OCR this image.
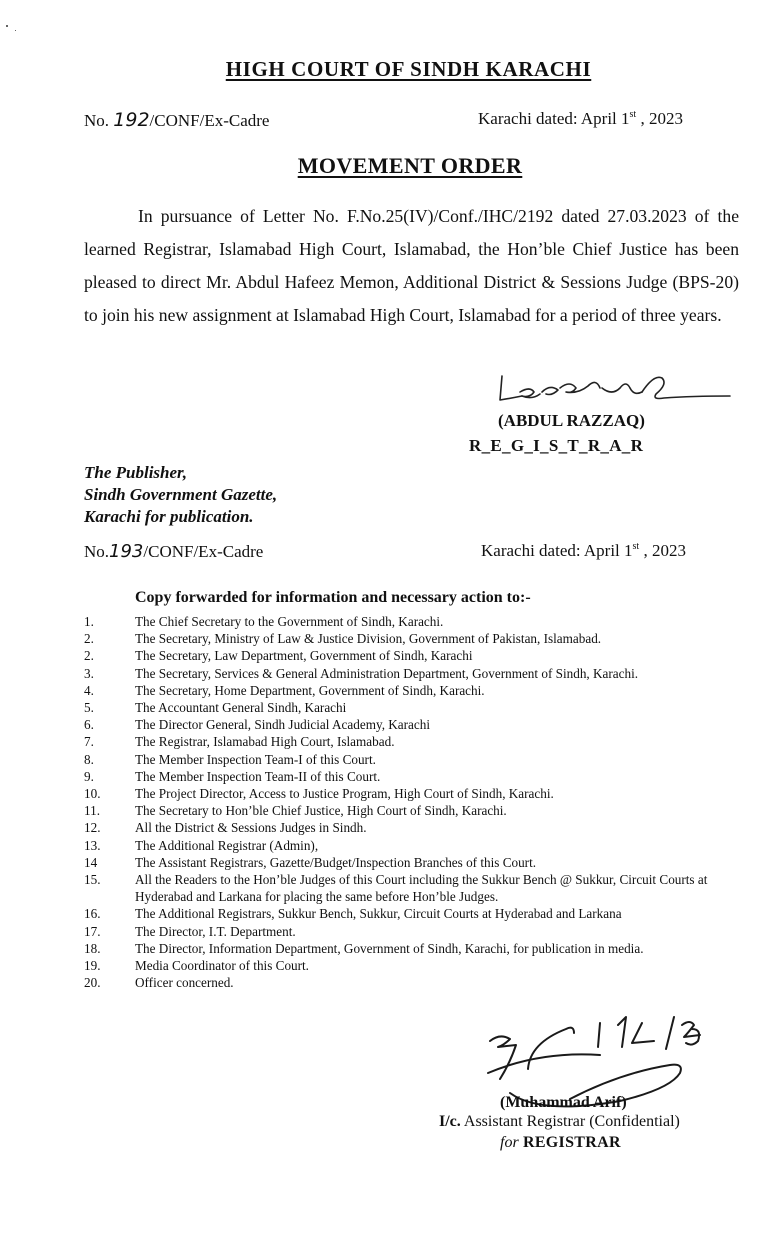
HIGH COURT OF SINDH KARACHI
No. 192/CONF/Ex-Cadre	Karachi dated: April 1st , 2023
MOVEMENT ORDER
In pursuance of Letter No. F.No.25(IV)/Conf./IHC/2192 dated 27.03.2023 of the learned Registrar, Islamabad High Court, Islamabad, the Hon’ble Chief Justice has been pleased to direct Mr. Abdul Hafeez Memon, Additional District & Sessions Judge (BPS-20) to join his new assignment at Islamabad High Court, Islamabad for a period of three years.
(ABDUL RAZZAQ)
R_E_G_I_S_T_R_A_R
The Publisher,
Sindh Government Gazette,
Karachi for publication.
No.193/CONF/Ex-Cadre	Karachi dated: April 1st , 2023
Copy forwarded for information and necessary action to:-
1.	The Chief Secretary to the Government of Sindh, Karachi.
2.	The Secretary, Ministry of Law & Justice Division, Government of Pakistan, Islamabad.
2.	The Secretary, Law Department, Government of Sindh, Karachi
3.	The Secretary, Services & General Administration Department, Government of Sindh, Karachi.
4.	The Secretary, Home Department, Government of Sindh, Karachi.
5.	The Accountant General Sindh, Karachi
6.	The Director General, Sindh Judicial Academy, Karachi
7.	The Registrar, Islamabad High Court, Islamabad.
8.	The Member Inspection Team-I of this Court.
9.	The Member Inspection Team-II of this Court.
10.	The Project Director, Access to Justice Program, High Court of Sindh, Karachi.
11.	The Secretary to Hon’ble Chief Justice, High Court of Sindh, Karachi.
12.	All the District & Sessions Judges in Sindh.
13.	The Additional Registrar (Admin),
14	The Assistant Registrars, Gazette/Budget/Inspection Branches of this Court.
15.	All the Readers to the Hon’ble Judges of this Court including the Sukkur Bench @ Sukkur, Circuit Courts at Hyderabad and Larkana for placing the same before Hon’ble Judges.
16.	The Additional Registrars, Sukkur Bench, Sukkur, Circuit Courts at Hyderabad and Larkana
17.	The Director, I.T. Department.
18.	The Director, Information Department, Government of Sindh, Karachi, for publication in media.
19.	Media Coordinator of this Court.
20.	Officer concerned.
(Muhammad Arif)
I/c. Assistant Registrar (Confidential)
for REGISTRAR
